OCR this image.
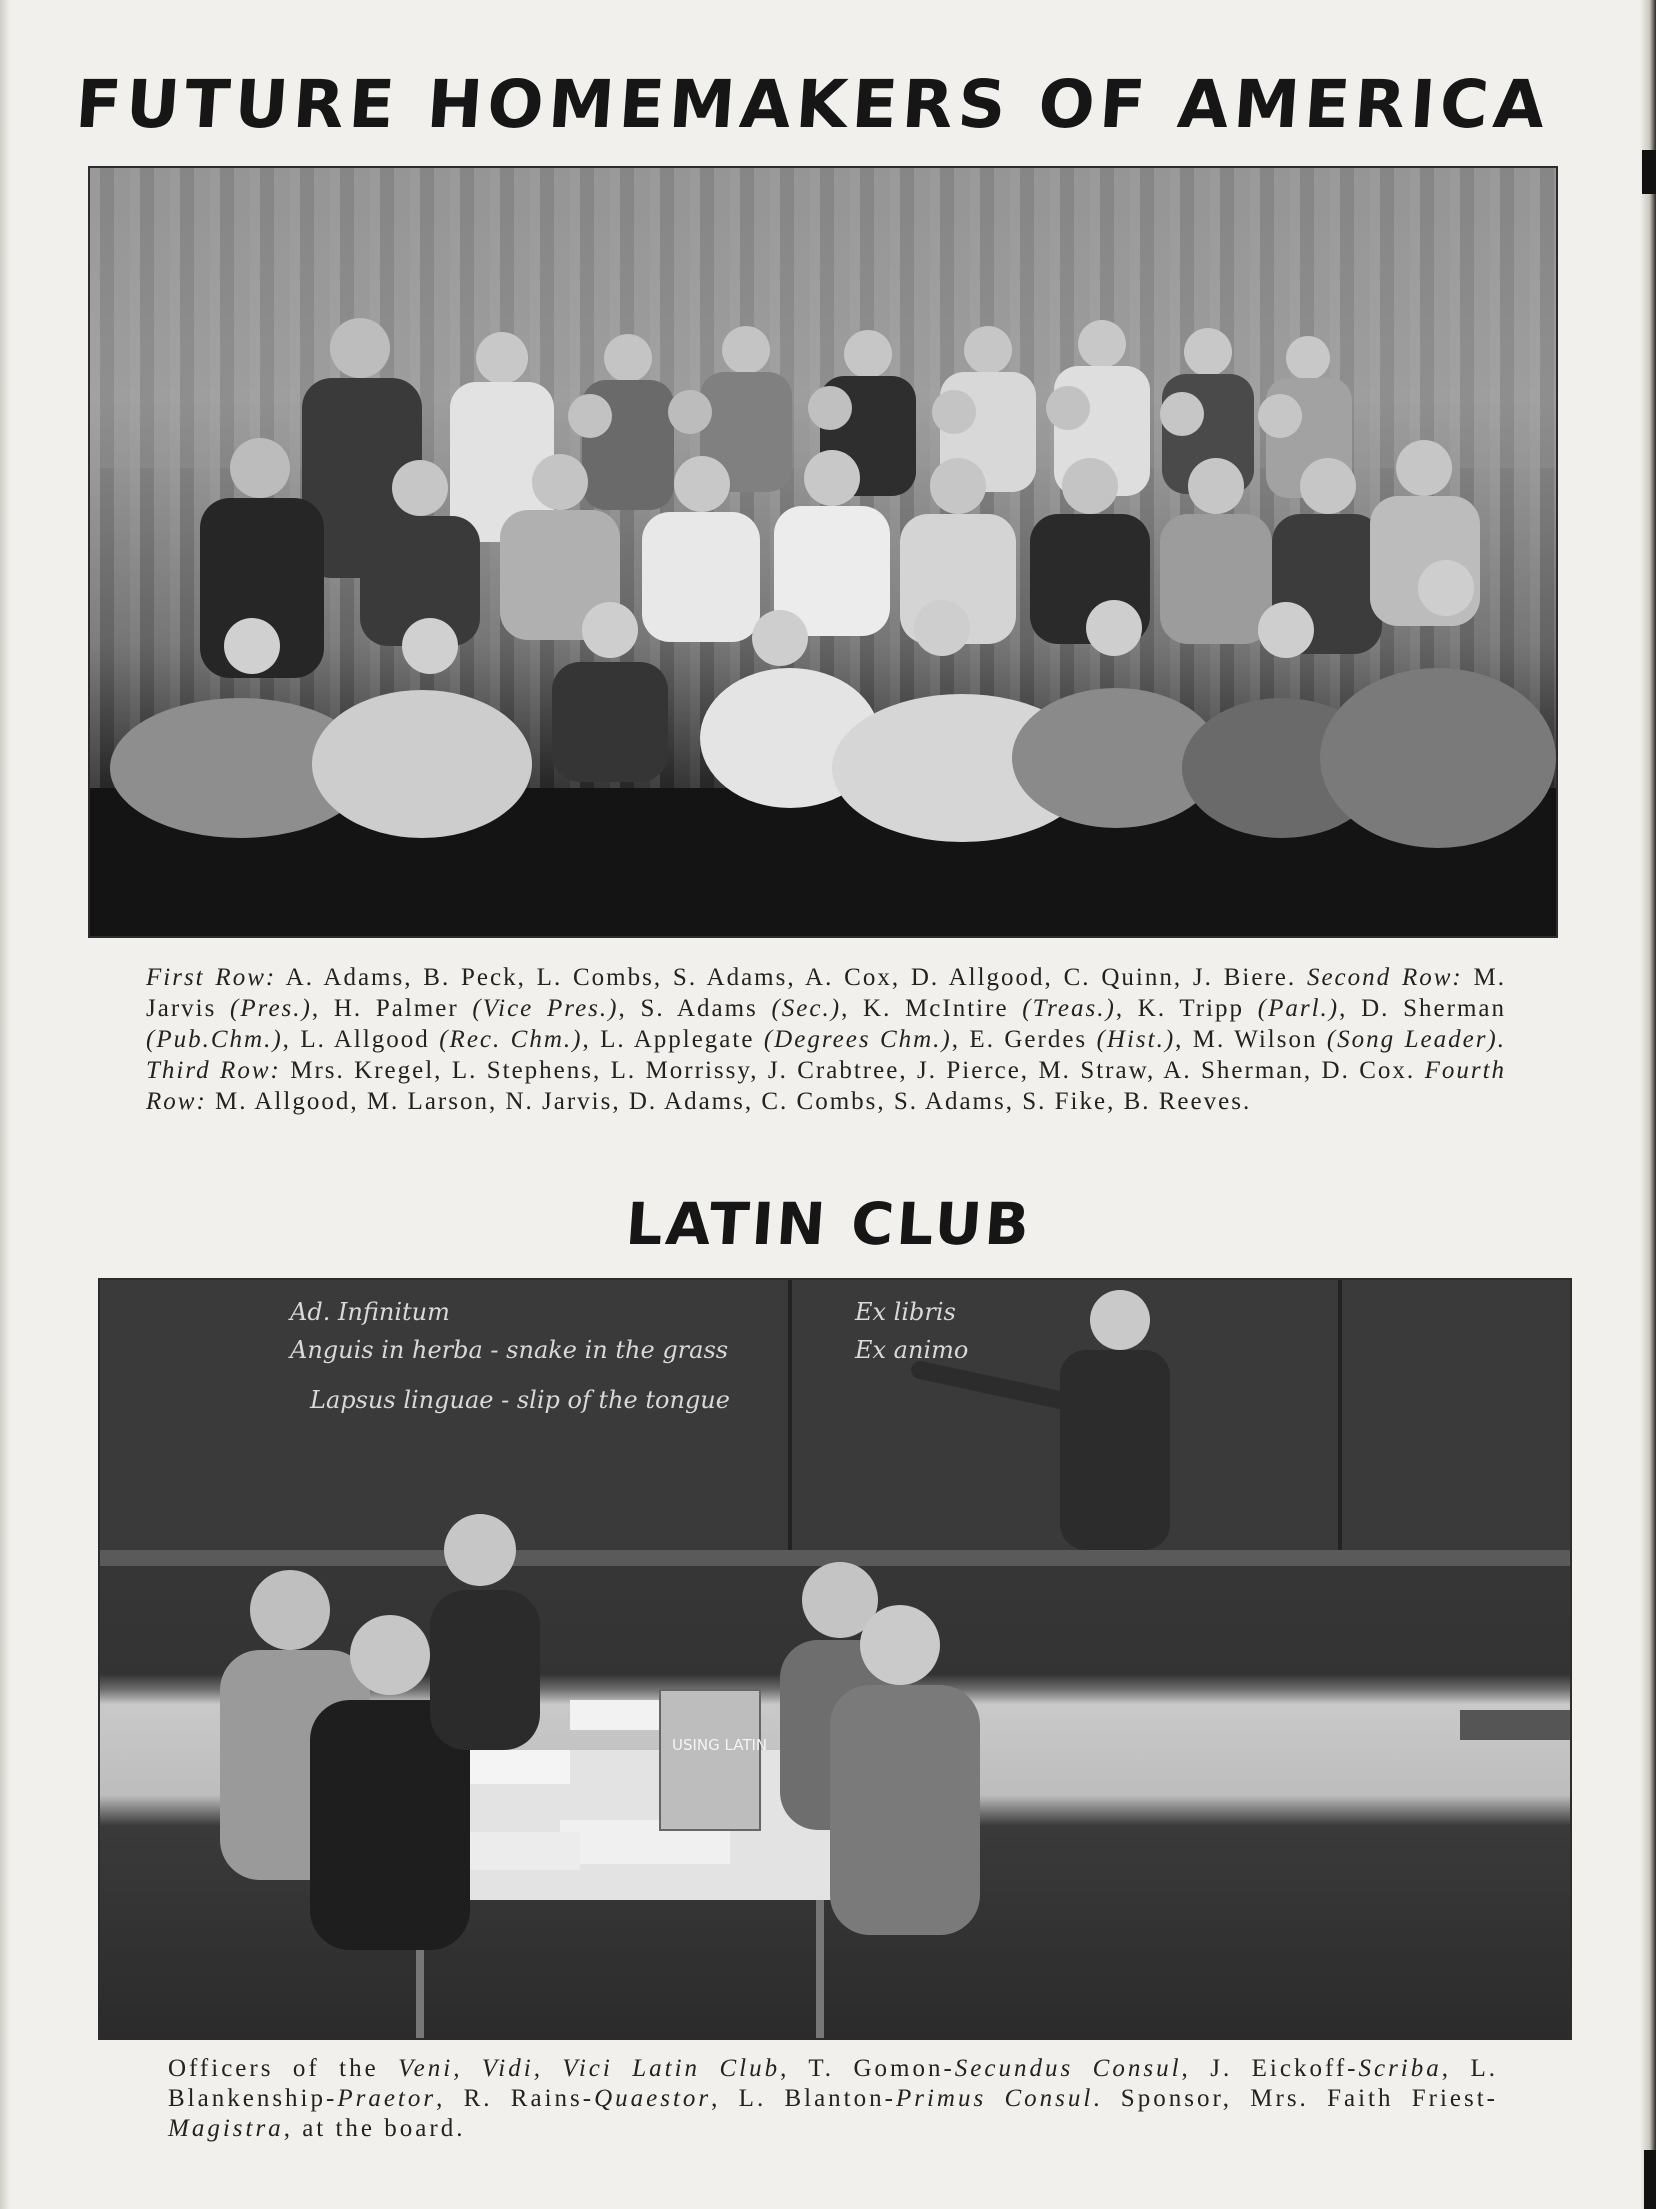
FUTURE HOMEMAKERS OF AMERICA
First Row: A. Adams, B. Peck, L. Combs, S. Adams, A. Cox, D. Allgood, C. Quinn, J. Biere. Second Row: M. Jarvis (Pres.), H. Palmer (Vice Pres.), S. Adams (Sec.), K. McIntire (Treas.), K. Tripp (Parl.), D. Sherman (Pub.Chm.), L. Allgood (Rec. Chm.), L. Applegate (Degrees Chm.), E. Gerdes (Hist.), M. Wilson (Song Leader). Third Row: Mrs. Kregel, L. Stephens, L. Morrissy, J. Crabtree, J. Pierce, M. Straw, A. Sherman, D. Cox. Fourth Row: M. Allgood, M. Larson, N. Jarvis, D. Adams, C. Combs, S. Adams, S. Fike, B. Reeves.
LATIN CLUB
Ad. Infinitum
Anguis in herba - snake in the grass
Lapsus linguae - slip of the tongue
Ex libris
Ex animo
USING LATIN
Officers of the Veni, Vidi, Vici Latin Club, T. Gomon-Secundus Consul, J. Eickoff-Scriba, L. Blankenship-Praetor, R. Rains-Quaestor, L. Blanton-Primus Consul. Sponsor, Mrs. Faith Friest-Magistra, at the board.
